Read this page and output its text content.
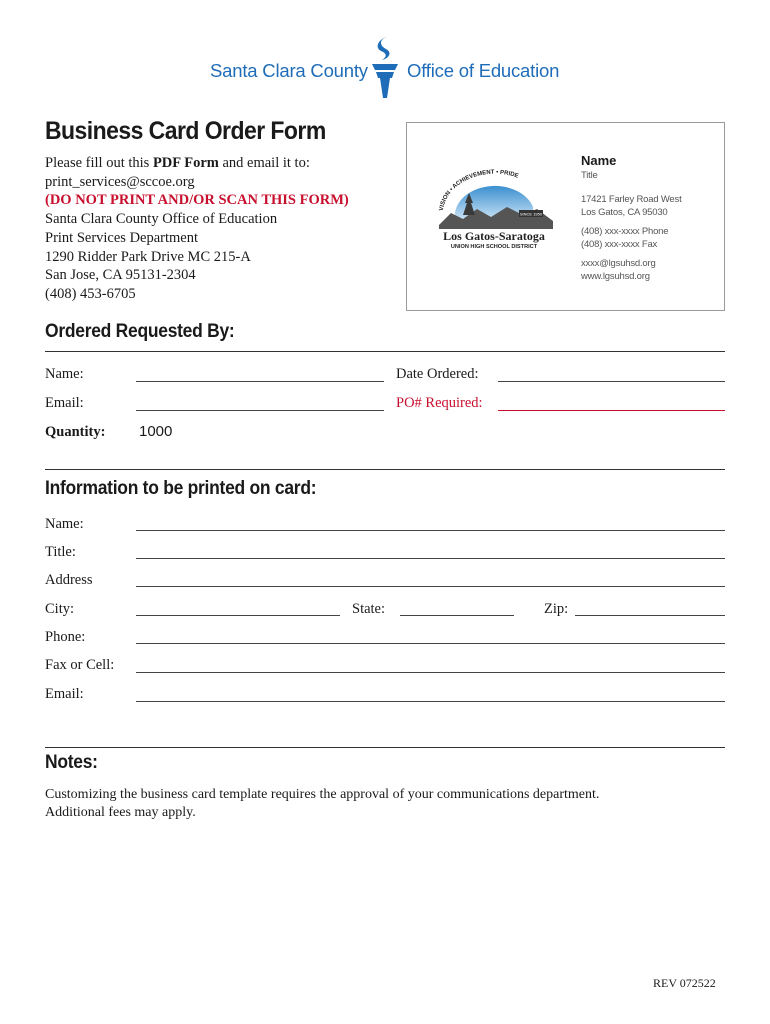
Santa Clara County Office of Education
Business Card Order Form
Please fill out this PDF Form and email it to:
print_services@sccoe.org
(DO NOT PRINT AND/OR SCAN THIS FORM)
Santa Clara County Office of Education
Print Services Department
1290 Ridder Park Drive MC 215-A
San Jose, CA 95131-2304
(408) 453-6705
VISION • ACHIEVEMENT • PRIDE
SINCE 1950
Los Gatos-Saratoga
UNION HIGH SCHOOL DISTRICT
Name
Title
17421 Farley Road West
Los Gatos, CA 95030
(408) xxx-xxxx Phone
(408) xxx-xxxx Fax
xxxx@lgsuhsd.org
www.lgsuhsd.org
Ordered Requested By:
Name:	Date Ordered:
Email:	PO# Required:
Quantity: 1000
Information to be printed on card:
Name:
Title:
Address
City:	State:	Zip:
Phone:
Fax or Cell:
Email:
Notes:
Customizing the business card template requires the approval of your communications department.
Additional fees may apply.
REV 072522
